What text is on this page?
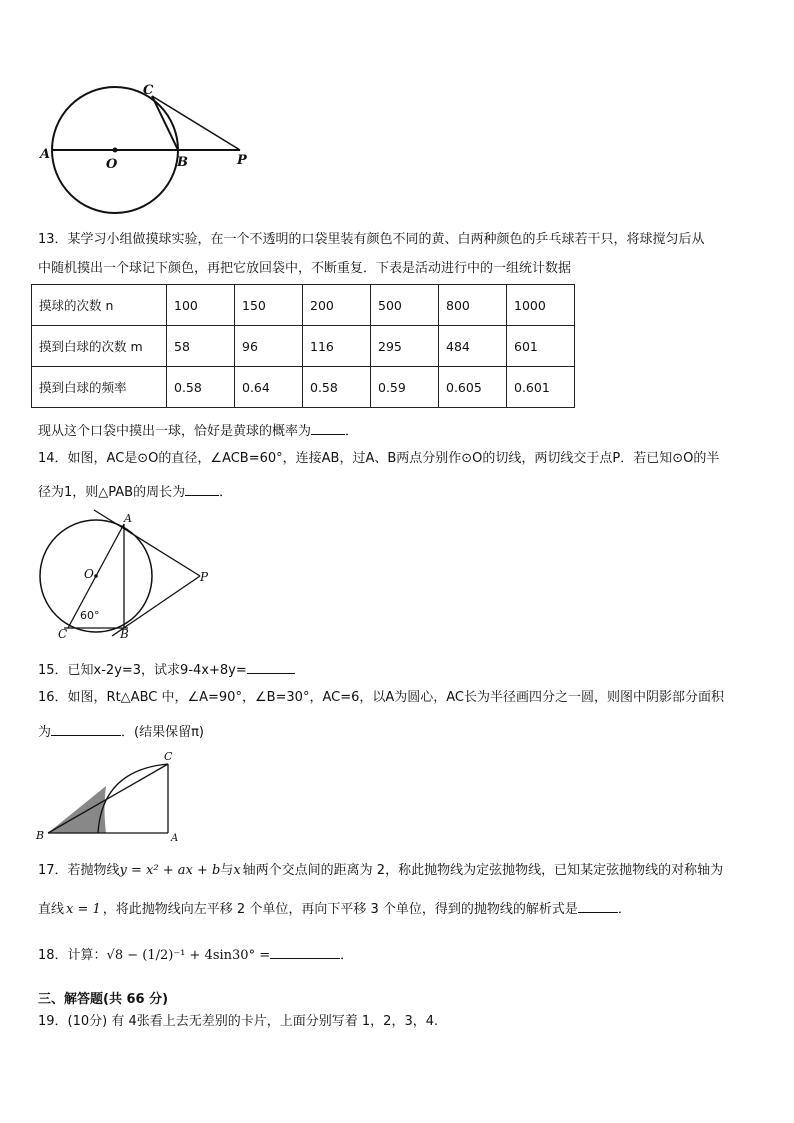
A
O	B
C
P
13．某学习小组做摸球实验，在一个不透明的口袋里装有颜色不同的黄、白两种颜色的乒乓球若干只，将球搅匀后从
中随机摸出一个球记下颜色，再把它放回袋中，不断重复．下表是活动进行中的一组统计数据
摸球的次数 n	100	150	200	500	800	1000
摸到白球的次数 m	58	96	116	295	484	601
摸到白球的频率	0.58	0.64	0.58	0.59	0.605	0.601
现从这个口袋中摸出一球，恰好是黄球的概率为	．
14．如图，AC是⊙O的直径，∠ACB=60°，连接AB，过A、B两点分别作⊙O的切线，两切线交于点P．若已知⊙O的半
径为1，则△PAB的周长为	．
A
O	P
C	B
60°
15．已知x-2y=3，试求9-4x+8y=
16．如图，Rt△ABC 中，∠A=90°，∠B=30°，AC=6，以A为圆心，AC长为半径画四分之一圆，则图中阴影部分面积
为	．(结果保留π)
C
B	A
17．若抛物线y = x² + ax + b与x 轴两个交点间的距离为 2，称此抛物线为定弦抛物线，已知某定弦抛物线的对称轴为
直线 x = 1 ，将此抛物线向左平移 2 个单位，再向下平移 3 个单位，得到的抛物线的解析式是	．
18．计算：√8 − (1/2)⁻¹ + 4sin30° =	．
三、解答题(共 66 分)
19．(10分) 有 4张看上去无差别的卡片，上面分别写着 1，2，3，4.
